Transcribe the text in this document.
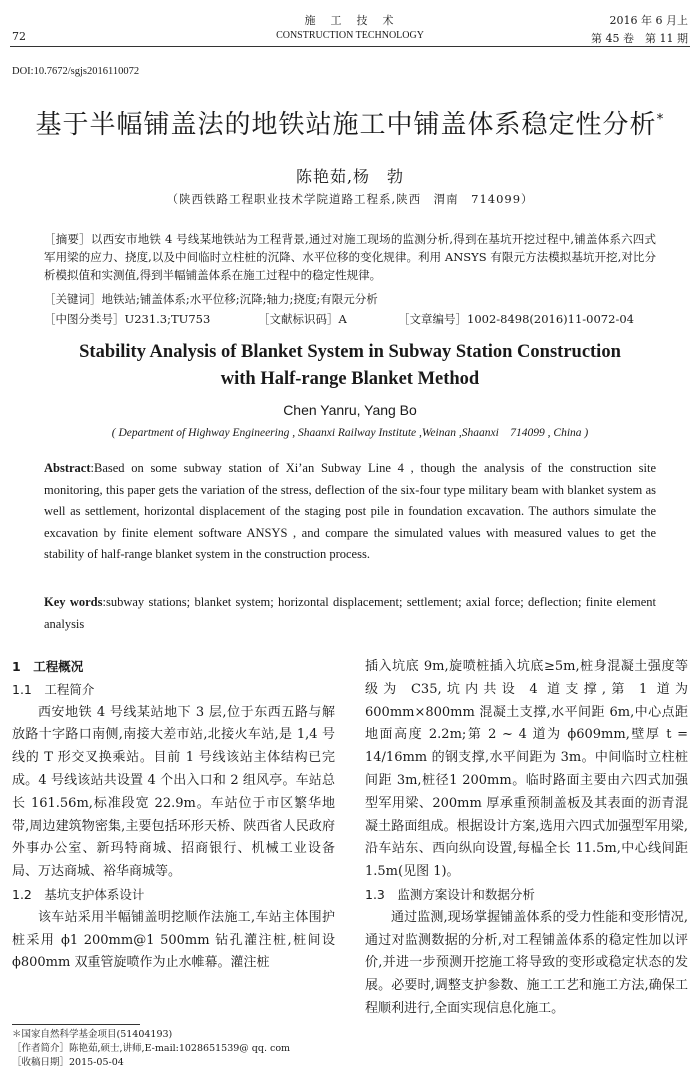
72
施　工　技　术
CONSTRUCTION TECHNOLOGY
2016 年 6 月上
第 45 卷　第 11 期
DOI:10.7672/sgjs2016110072
基于半幅铺盖法的地铁站施工中铺盖体系稳定性分析*
陈艳茹,杨　勃
（陕西铁路工程职业技术学院道路工程系,陕西　渭南　714099）
［摘要］以西安市地铁 4 号线某地铁站为工程背景,通过对施工现场的监测分析,得到在基坑开挖过程中,铺盖体系六四式军用梁的应力、挠度,以及中间临时立柱桩的沉降、水平位移的变化规律。利用 ANSYS 有限元方法模拟基坑开挖,对比分析模拟值和实测值,得到半幅铺盖体系在施工过程中的稳定性规律。
［关键词］地铁站;铺盖体系;水平位移;沉降;轴力;挠度;有限元分析
［中图分类号］U231.3;TU753	［文献标识码］A	［文章编号］1002-8498(2016)11-0072-04
Stability Analysis of Blanket System in Subway Station Construction
with Half-range Blanket Method
Chen Yanru, Yang Bo
( Department of Highway Engineering , Shaanxi Railway Institute ,Weinan ,Shaanxi　714099 , China )
Abstract:Based on some subway station of Xi’an Subway Line 4 , though the analysis of the construction site monitoring, this paper gets the variation of the stress, deflection of the six-four type military beam with blanket system as well as settlement, horizontal displacement of the staging post pile in foundation excavation. The authors simulate the excavation by finite element software ANSYS , and compare the simulated values with measured values to get the stability of half-range blanket system in the construction process.
Key words:subway stations; blanket system; horizontal displacement; settlement; axial force; deflection; finite element analysis
1　工程概况
1.1　工程简介

西安地铁 4 号线某站地下 3 层,位于东西五路与解放路十字路口南侧,南接大差市站,北接火车站,是 1,4 号线的 T 形交叉换乘站。目前 1 号线该站主体结构已完成。4 号线该站共设置 4 个出入口和 2 组风亭。车站总长 161.56m,标准段宽 22.9m。车站位于市区繁华地带,周边建筑物密集,主要包括环形天桥、陕西省人民政府外事办公室、新玛特商城、招商银行、机械工业设备局、万达商城、裕华商城等。

1.2　基坑支护体系设计

该车站采用半幅铺盖明挖顺作法施工,车站主体围护桩采用 ϕ1 200mm@1 500mm 钻孔灌注桩,桩间设 ϕ800mm 双重管旋喷作为止水帷幕。灌注桩

＊国家自然科学基金项目(51404193)
［作者简介］陈艳茹,硕士,讲师,E-mail:1028651539@ qq. com
［收稿日期］2015-05-04

插入坑底 9m,旋喷桩插入坑底≥5m,桩身混凝土强度等级为 C35,坑内共设 4 道支撑,第 1 道为 600mm×800mm 混凝土支撑,水平间距 6m,中心点距地面高度 2.2m;第 2 ~ 4 道为 ϕ609mm,壁厚 t = 14/16mm 的钢支撑,水平间距为 3m。中间临时立柱桩间距 3m,桩径1 200mm。临时路面主要由六四式加强型军用梁、200mm 厚承重预制盖板及其表面的沥青混凝土路面组成。根据设计方案,选用六四式加强型军用梁,沿车站东、西向纵向设置,每榀全长 11.5m,中心线间距 1.5m(见图 1)。

1.3　监测方案设计和数据分析

通过监测,现场掌握铺盖体系的受力性能和变形情况,通过对监测数据的分析,对工程铺盖体系的稳定性加以评价,并进一步预测开挖施工将导致的变形或稳定状态的发展。必要时,调整支护参数、施工工艺和施工方法,确保工程顺利进行,全面实现信息化施工。
